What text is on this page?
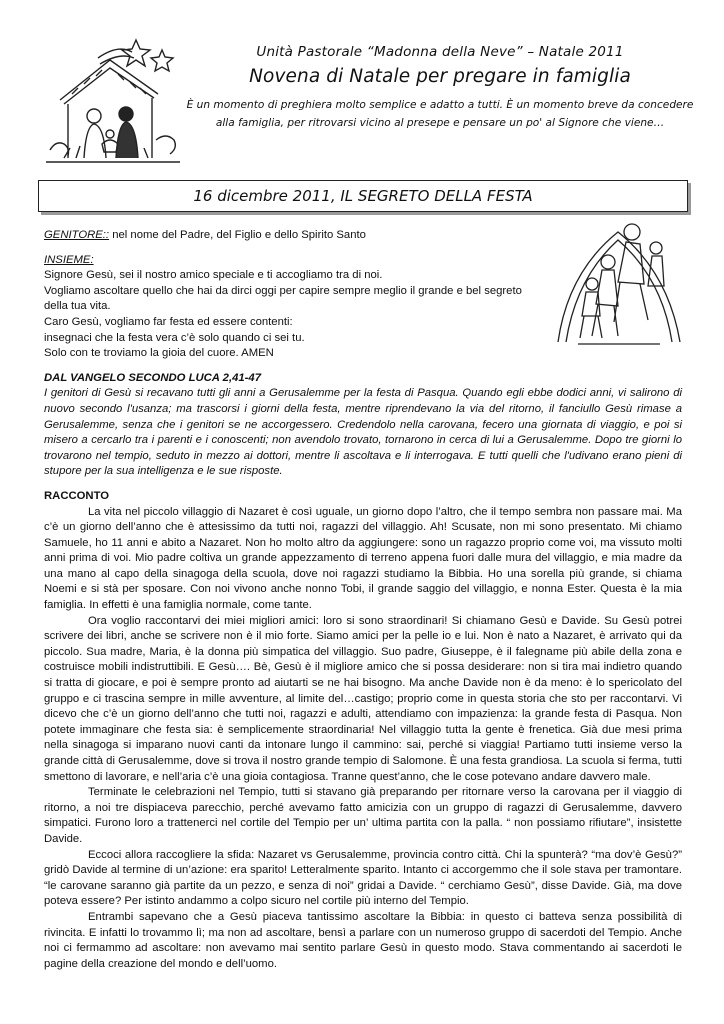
Unità Pastorale “Madonna della Neve” – Natale 2011
Novena di Natale per pregare in famiglia
È un momento di preghiera molto semplice e adatto a tutti. È un momento breve da concedere alla famiglia, per ritrovarsi vicino al presepe e pensare un po' al Signore che viene…
16 dicembre 2011, IL SEGRETO DELLA FESTA
GENITORE:: nel nome del Padre, del Figlio e dello Spirito Santo
INSIEME:
Signore Gesù, sei il nostro amico speciale e ti accogliamo tra di noi.
Vogliamo ascoltare quello che hai da dirci oggi per capire sempre meglio il grande e bel segreto
della tua vita.
Caro Gesù, vogliamo far festa ed essere contenti:
insegnaci che la festa vera c’è solo quando ci sei tu.
Solo con te troviamo la gioia del cuore. AMEN
DAL VANGELO SECONDO LUCA 2,41-47
I genitori di Gesù si recavano tutti gli anni a Gerusalemme per la festa di Pasqua. Quando egli ebbe dodici anni, vi salirono di nuovo secondo l'usanza; ma trascorsi i giorni della festa, mentre riprendevano la via del ritorno, il fanciullo Gesù rimase a Gerusalemme, senza che i genitori se ne accorgessero. Credendolo nella carovana, fecero una giornata di viaggio, e poi si misero a cercarlo tra i parenti e i conoscenti; non avendolo trovato, tornarono in cerca di lui a Gerusalemme. Dopo tre giorni lo trovarono nel tempio, seduto in mezzo ai dottori, mentre li ascoltava e li interrogava. E tutti quelli che l'udivano erano pieni di stupore per la sua intelligenza e le sue risposte.
RACCONTO
La vita nel piccolo villaggio di Nazaret è così uguale, un giorno dopo l’altro, che il tempo sembra non passare mai. Ma c’è un giorno dell’anno che è attesissimo da tutti noi, ragazzi del villaggio. Ah! Scusate, non mi sono presentato. Mi chiamo Samuele, ho 11 anni e abito a Nazaret. Non ho molto altro da aggiungere: sono un ragazzo proprio come voi, ma vissuto molti anni prima di voi. Mio padre coltiva un grande appezzamento di terreno appena fuori dalle mura del villaggio, e mia madre da una mano al capo della sinagoga della scuola, dove noi ragazzi studiamo la Bibbia. Ho una sorella più grande, si chiama Noemi e si stà per sposare. Con noi vivono anche nonno Tobi, il grande saggio del villaggio, e nonna Ester. Questa è la mia famiglia. In effetti è una famiglia normale, come tante.
Ora voglio raccontarvi dei miei migliori amici: loro si sono straordinari! Si chiamano Gesù e Davide. Su Gesù potrei scrivere dei libri, anche se scrivere non è il mio forte. Siamo amici per la pelle io e lui. Non è nato a Nazaret, è arrivato qui da piccolo. Sua madre, Maria, è la donna più simpatica del villaggio. Suo padre, Giuseppe, è il falegname più abile della zona e costruisce mobili indistruttibili. E Gesù…. Bè, Gesù è il migliore amico che si possa desiderare: non si tira mai indietro quando si tratta di giocare, e poi è sempre pronto ad aiutarti se ne hai bisogno. Ma anche Davide non è da meno: è lo spericolato del gruppo e ci trascina sempre in mille avventure, al limite del…castigo; proprio come in questa storia che sto per raccontarvi. Vi dicevo che c’è un giorno dell’anno che tutti noi, ragazzi e adulti, attendiamo con impazienza: la grande festa di Pasqua. Non potete immaginare che festa sia: è semplicemente straordinaria! Nel villaggio tutta la gente è frenetica. Già due mesi prima nella sinagoga si imparano nuovi canti da intonare lungo il cammino: sai, perché si viaggia! Partiamo tutti insieme verso la grande città di Gerusalemme, dove si trova il nostro grande tempio di Salomone. È una festa grandiosa. La scuola si ferma, tutti smettono di lavorare, e nell’aria c’è una gioia contagiosa. Tranne quest’anno, che le cose potevano andare davvero male.
Terminate le celebrazioni nel Tempio, tutti si stavano già preparando per ritornare verso la carovana per il viaggio di ritorno, a noi tre dispiaceva parecchio, perché avevamo fatto amicizia con un gruppo di ragazzi di Gerusalemme, davvero simpatici. Furono loro a trattenerci nel cortile del Tempio per un’ ultima partita con la palla. “ non possiamo rifiutare”, insistette Davide.
Eccoci allora raccogliere la sfida: Nazaret vs Gerusalemme, provincia contro città. Chi la spunterà? “ma dov’è Gesù?” gridò Davide al termine di un’azione: era sparito! Letteralmente sparito. Intanto ci accorgemmo che il sole stava per tramontare. “le carovane saranno già partite da un pezzo, e senza di noi” gridai a Davide. “ cerchiamo Gesù”, disse Davide. Già, ma dove poteva essere? Per istinto andammo a colpo sicuro nel cortile più interno del Tempio.
Entrambi sapevano che a Gesù piaceva tantissimo ascoltare la Bibbia: in questo ci batteva senza possibilità di rivincita. E infatti lo trovammo lì; ma non ad ascoltare, bensì a parlare con un numeroso gruppo di sacerdoti del Tempio. Anche noi ci fermammo ad ascoltare: non avevamo mai sentito parlare Gesù in questo modo. Stava commentando ai sacerdoti le pagine della creazione del mondo e dell’uomo.
